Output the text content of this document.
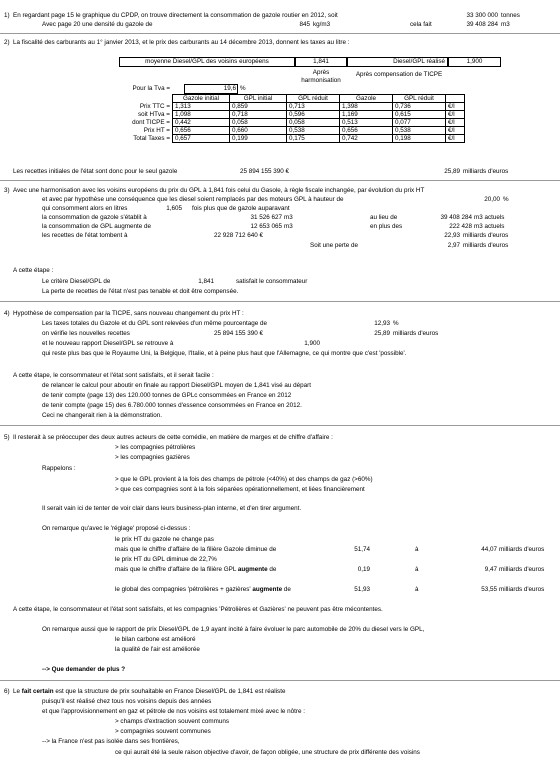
1) En regardant page 15 le graphique du CPDP, on trouve directement la consommation de gazole routier en 2012, soit	33 300 000 tonnes
Avec page 20 une densité du gazole de	845 kg/m3	cela fait	39 408 284 m3
2) La fiscalité des carburants au 1° janvier 2013, et le prix des carburants au 14 décembre 2013, donnent les taxes au litre :
moyenne Diesel/GPL des voisins européens	1,841	Diesel/GPL réalisé	1,900
Pour la Tva =	19,6 %
Après harmonisation
Après compensation de TICPE
	Gazole initial	GPL initial	GPL réduit	Gazole	GPL réduit	
Prix TTC =	1,313	0,859	0,713	1,398	0,736	€/l
soit HTva =	1,098	0,718	0,596	1,169	0,615	€/l
dont TICPE =	0,442	0,058	0,058	0,513	0,077	€/l
Prix HT =	0,656	0,660	0,538	0,656	0,538	€/l
Total Taxes =	0,657	0,199	0,175	0,742	0,198	€/l
Les recettes initiales de l'état sont donc pour le seul gazole	25 894 155 390 €	25,89 milliards d'euros
3) Avec une harmonisation avec les voisins européens du prix du GPL à 1,841 fois celui du Gasole, à règle fiscale inchangée, par évolution du prix HT
et avec par hypothèse une conséquence que les diesel soient remplacés par des moteurs GPL à hauteur de	20,00 %
qui consomment alors en litres	1,605 fois plus que de gazole auparavant
la consommation de gazole s'établit à	31 526 627 m3	au lieu de	39 408 284 m3 actuels
la consommation de GPL augmente de	12 653 065 m3	en plus des	222 428 m3 actuels
les recettes de l'état tombent à	22 928 712 640 €	22,93 milliards d'euros
Soit une perte de	2,97 milliards d'euros
A cette étape :
Le critère Diesel/GPL de	1,841	satisfait le consommateur
La perte de recettes de l'état n'est pas tenable et doit être compensée.
4) Hypothèse de compensation par la TICPE, sans nouveau changement du prix HT :
Les taxes totales du Gazole et du GPL sont relevées d'un même pourcentage de	12,93 %
on vérifie les nouvelles recettes	25 894 155 390 €	25,89 milliards d'euros
et le nouveau rapport Diesel/GPL se retrouve à	1,900
qui reste plus bas que le Royaume Uni, la Belgique, l'Italie, et à peine plus haut que l'Allemagne, ce qui montre que c'est 'possible'.
A cette étape, le consommateur et l'état sont satisfaits, et il serait facile :
de relancer le calcul pour aboutir en finale au rapport Diesel/GPL moyen de 1,841 visé au départ
de tenir compte (page 13) des 120.000 tonnes de GPLc consommées en France en 2012
de tenir compte (page 15) des 6.780.000 tonnes d'essence consommées en France en 2012.
Ceci ne changerait rien à la démonstration.
5) Il resterait à se préoccuper des deux autres acteurs de cette comédie, en matière de marges et de chiffre d'affaire :
> les compagnies pétrolières
> les compagnies gazières
Rappelons :
> que le GPL provient à la fois des champs de pétrole (<40%) et des champs de gaz (>60%)
> que ces compagnies sont à la fois séparées opérationnellement, et liées financièrement
Il serait vain ici de tenter de voir clair dans leurs business-plan interne, et d'en tirer argument.
On remarque qu'avec le 'réglage' proposé ci-dessus :
le prix HT du gazole ne change pas
mais que le chiffre d'affaire de la filière Gazole diminue de	51,74	à	44,07 milliards d'euros
le prix HT du GPL diminue de 22,7%
mais que le chiffre d'affaire de la filière GPL augmente de	0,19	à	9,47 milliards d'euros
le global des compagnies 'pétrolières + gazières' augmente de	51,93	à	53,55 milliards d'euros
A cette étape, le consommateur et l'état sont satisfaits, et les compagnies 'Pétrolières et Gazières' ne peuvent pas être mécontentes.
On remarque aussi que le rapport de prix Diesel/GPL de 1,9 ayant incité à faire évoluer le parc automobile de 20% du diesel vers le GPL,
le bilan carbone est amélioré
la qualité de l'air est améliorée
--> Que demander de plus ?
6) Le fait certain est que la structure de prix souhaitable en France Diesel/GPL de 1,841 est réaliste
puisqu'il est réalisé chez tous nos voisins depuis des années
et que l'approvisionnement en gaz et pétrole de nos voisins est totalement mixé avec le nôtre :
> champs d'extraction souvent communs
> compagnies souvent communes
--> la France n'est pas isolée dans ses frontières,
ce qui aurait été la seule raison objective d'avoir, de façon obligée, une structure de prix différente des voisins
